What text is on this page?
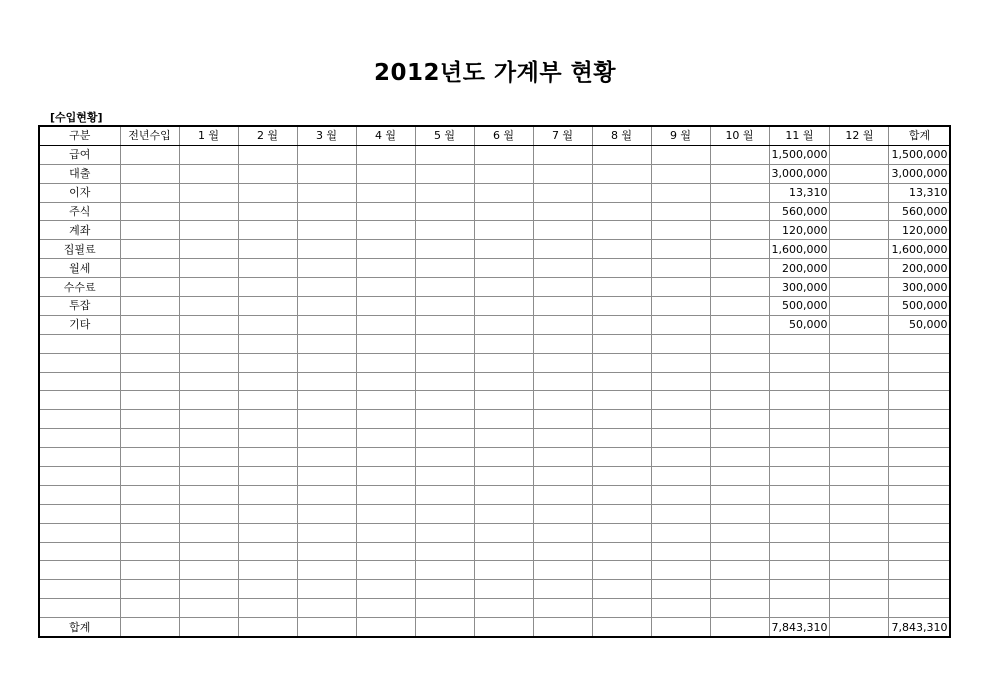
2012년도 가계부 현황
[수입현황]
구분	전년수입	1 월	2 월	3 월	4 월	5 월	6 월	7 월	8 월	9 월	10 월	11 월	12 월	합계
급여												1,500,000		1,500,000
대출												3,000,000		3,000,000
이자												13,310		13,310
주식												560,000		560,000
계좌												120,000		120,000
집필료												1,600,000		1,600,000
월세												200,000		200,000
수수료												300,000		300,000
투잡												500,000		500,000
기타												50,000		50,000

합계												7,843,310		7,843,310
